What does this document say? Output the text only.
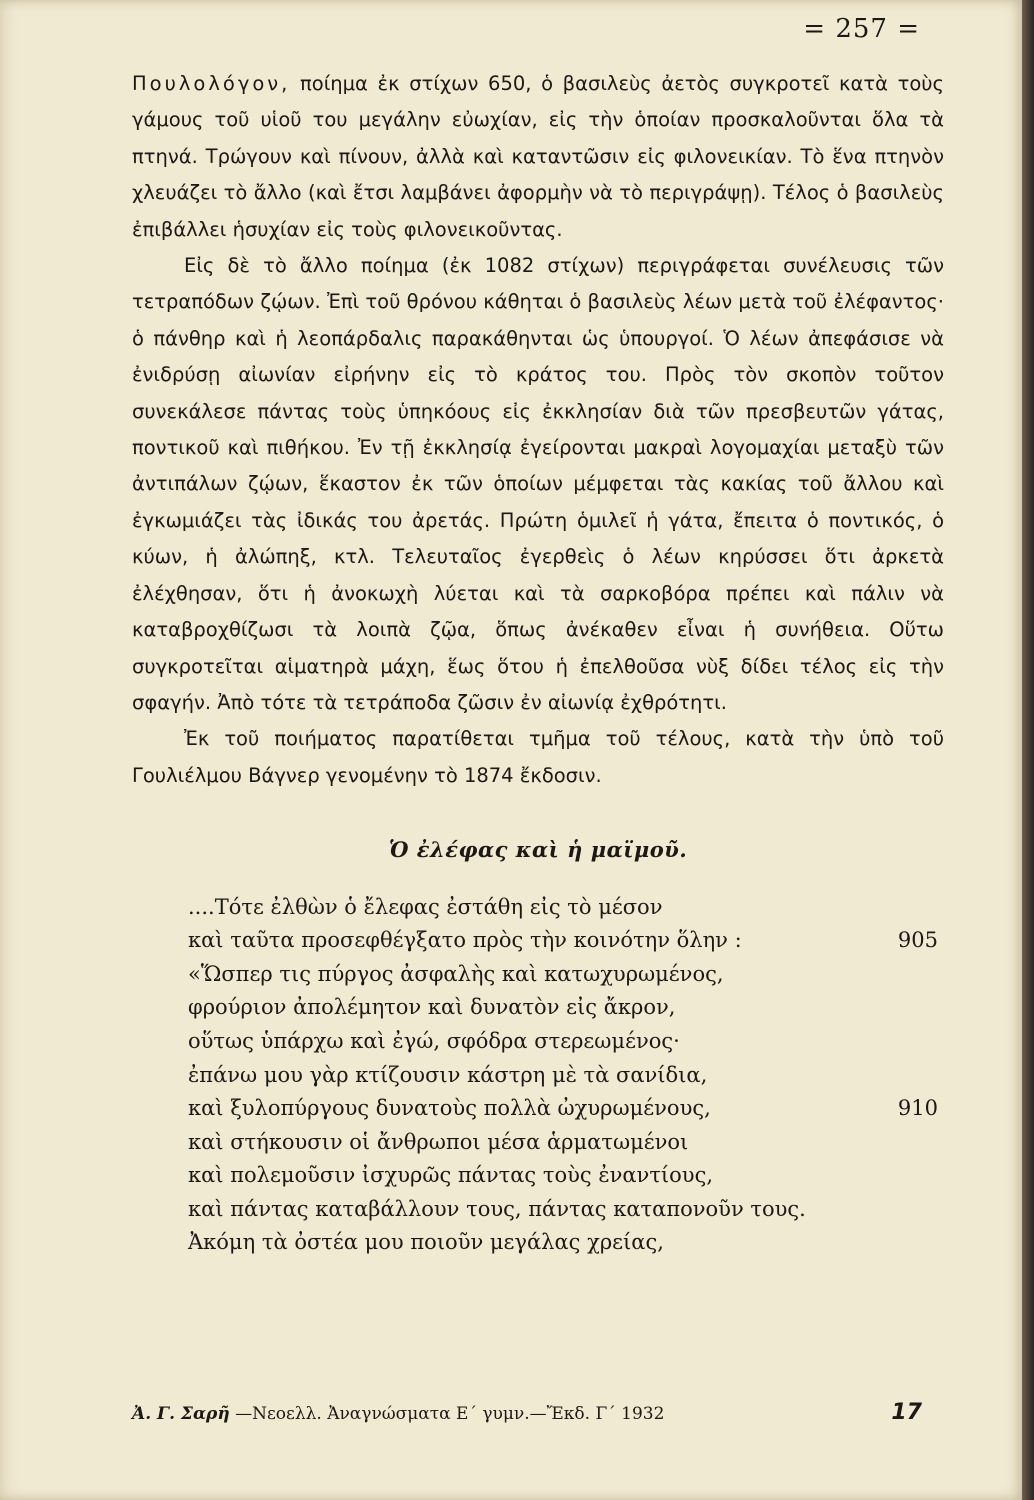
= 257 =

Πουλολόγον, ποίημα ἐκ στίχων 650, ὁ βασιλεὺς ἀετὸς συγκροτεῖ κατὰ τοὺς γάμους τοῦ υἱοῦ του μεγάλην εὐωχίαν, εἰς τὴν ὁποίαν προσκαλοῦνται ὅλα τὰ πτηνά. Τρώγουν καὶ πίνουν, ἀλλὰ καὶ καταντῶσιν εἰς φιλονεικίαν. Τὸ ἕνα πτηνὸν χλευάζει τὸ ἄλλο (καὶ ἔτσι λαμβάνει ἀφορμὴν νὰ τὸ περιγράψῃ). Τέλος ὁ βασιλεὺς ἐπιβάλλει ἡσυχίαν εἰς τοὺς φιλονεικοῦντας.

Εἰς δὲ τὸ ἄλλο ποίημα (ἐκ 1082 στίχων) περιγράφεται συνέλευσις τῶν τετραπόδων ζῴων. Ἐπὶ τοῦ θρόνου κάθηται ὁ βασιλεὺς λέων μετὰ τοῦ ἐλέφαντος· ὁ πάνθηρ καὶ ἡ λεοπάρδαλις παρακάθηνται ὡς ὑπουργοί. Ὁ λέων ἀπεφάσισε νὰ ἐνιδρύσῃ αἰωνίαν εἰρήνην εἰς τὸ κράτος του. Πρὸς τὸν σκοπὸν τοῦτον συνεκάλεσε πάντας τοὺς ὑπηκόους εἰς ἐκκλησίαν διὰ τῶν πρεσβευτῶν γάτας, ποντικοῦ καὶ πιθήκου. Ἐν τῇ ἐκκλησίᾳ ἐγείρονται μακραὶ λογομαχίαι μεταξὺ τῶν ἀντιπάλων ζῴων, ἕκαστον ἐκ τῶν ὁποίων μέμφεται τὰς κακίας τοῦ ἄλλου καὶ ἐγκωμιάζει τὰς ἰδικάς του ἀρετάς. Πρώτη ὁμιλεῖ ἡ γάτα, ἔπειτα ὁ ποντικός, ὁ κύων, ἡ ἀλώπηξ, κτλ. Τελευταῖος ἐγερθεὶς ὁ λέων κηρύσσει ὅτι ἀρκετὰ ἐλέχθησαν, ὅτι ἡ ἀνοκωχὴ λύεται καὶ τὰ σαρκοβόρα πρέπει καὶ πάλιν νὰ καταβροχθίζωσι τὰ λοιπὰ ζῷα, ὅπως ἀνέκαθεν εἶναι ἡ συνήθεια. Οὕτω συγκροτεῖται αἱματηρὰ μάχη, ἕως ὅτου ἡ ἐπελθοῦσα νὺξ δίδει τέλος εἰς τὴν σφαγήν. Ἀπὸ τότε τὰ τετράποδα ζῶσιν ἐν αἰωνίᾳ ἐχθρότητι.

Ἐκ τοῦ ποιήματος παρατίθεται τμῆμα τοῦ τέλους, κατὰ τὴν ὑπὸ τοῦ Γουλιέλμου Βάγνερ γενομένην τὸ 1874 ἔκδοσιν.

Ὁ ἐλέφας καὶ ἡ μαϊμοῦ.
....Τότε ἐλθὼν ὁ ἔλεφας ἐστάθη εἰς τὸ μέσον
καὶ ταῦτα προσεφθέγξατο πρὸς τὴν κοινότην ὅλην :	905
«Ὥσπερ τις πύργος ἀσφαλὴς καὶ κατωχυρωμένος,
φρούριον ἀπολέμητον καὶ δυνατὸν εἰς ἄκρον,
οὕτως ὑπάρχω καὶ ἐγώ, σφόδρα στερεωμένος·
ἐπάνω μου γὰρ κτίζουσιν κάστρη μὲ τὰ σανίδια,
καὶ ξυλοπύργους δυνατοὺς πολλὰ ὠχυρωμένους,	910
καὶ στήκουσιν οἱ ἄνθρωποι μέσα ἁρματωμένοι
καὶ πολεμοῦσιν ἰσχυρῶς πάντας τοὺς ἐναντίους,
καὶ πάντας καταβάλλουν τους, πάντας καταπονοῦν τους.
Ἀκόμη τὰ ὀστέα μου ποιοῦν μεγάλας χρείας,
Ἀ. Γ. Σαρῆ —Νεοελλ. Ἀναγνώσματα Ε΄ γυμν.—Ἔκδ. Γ΄ 1932	17
